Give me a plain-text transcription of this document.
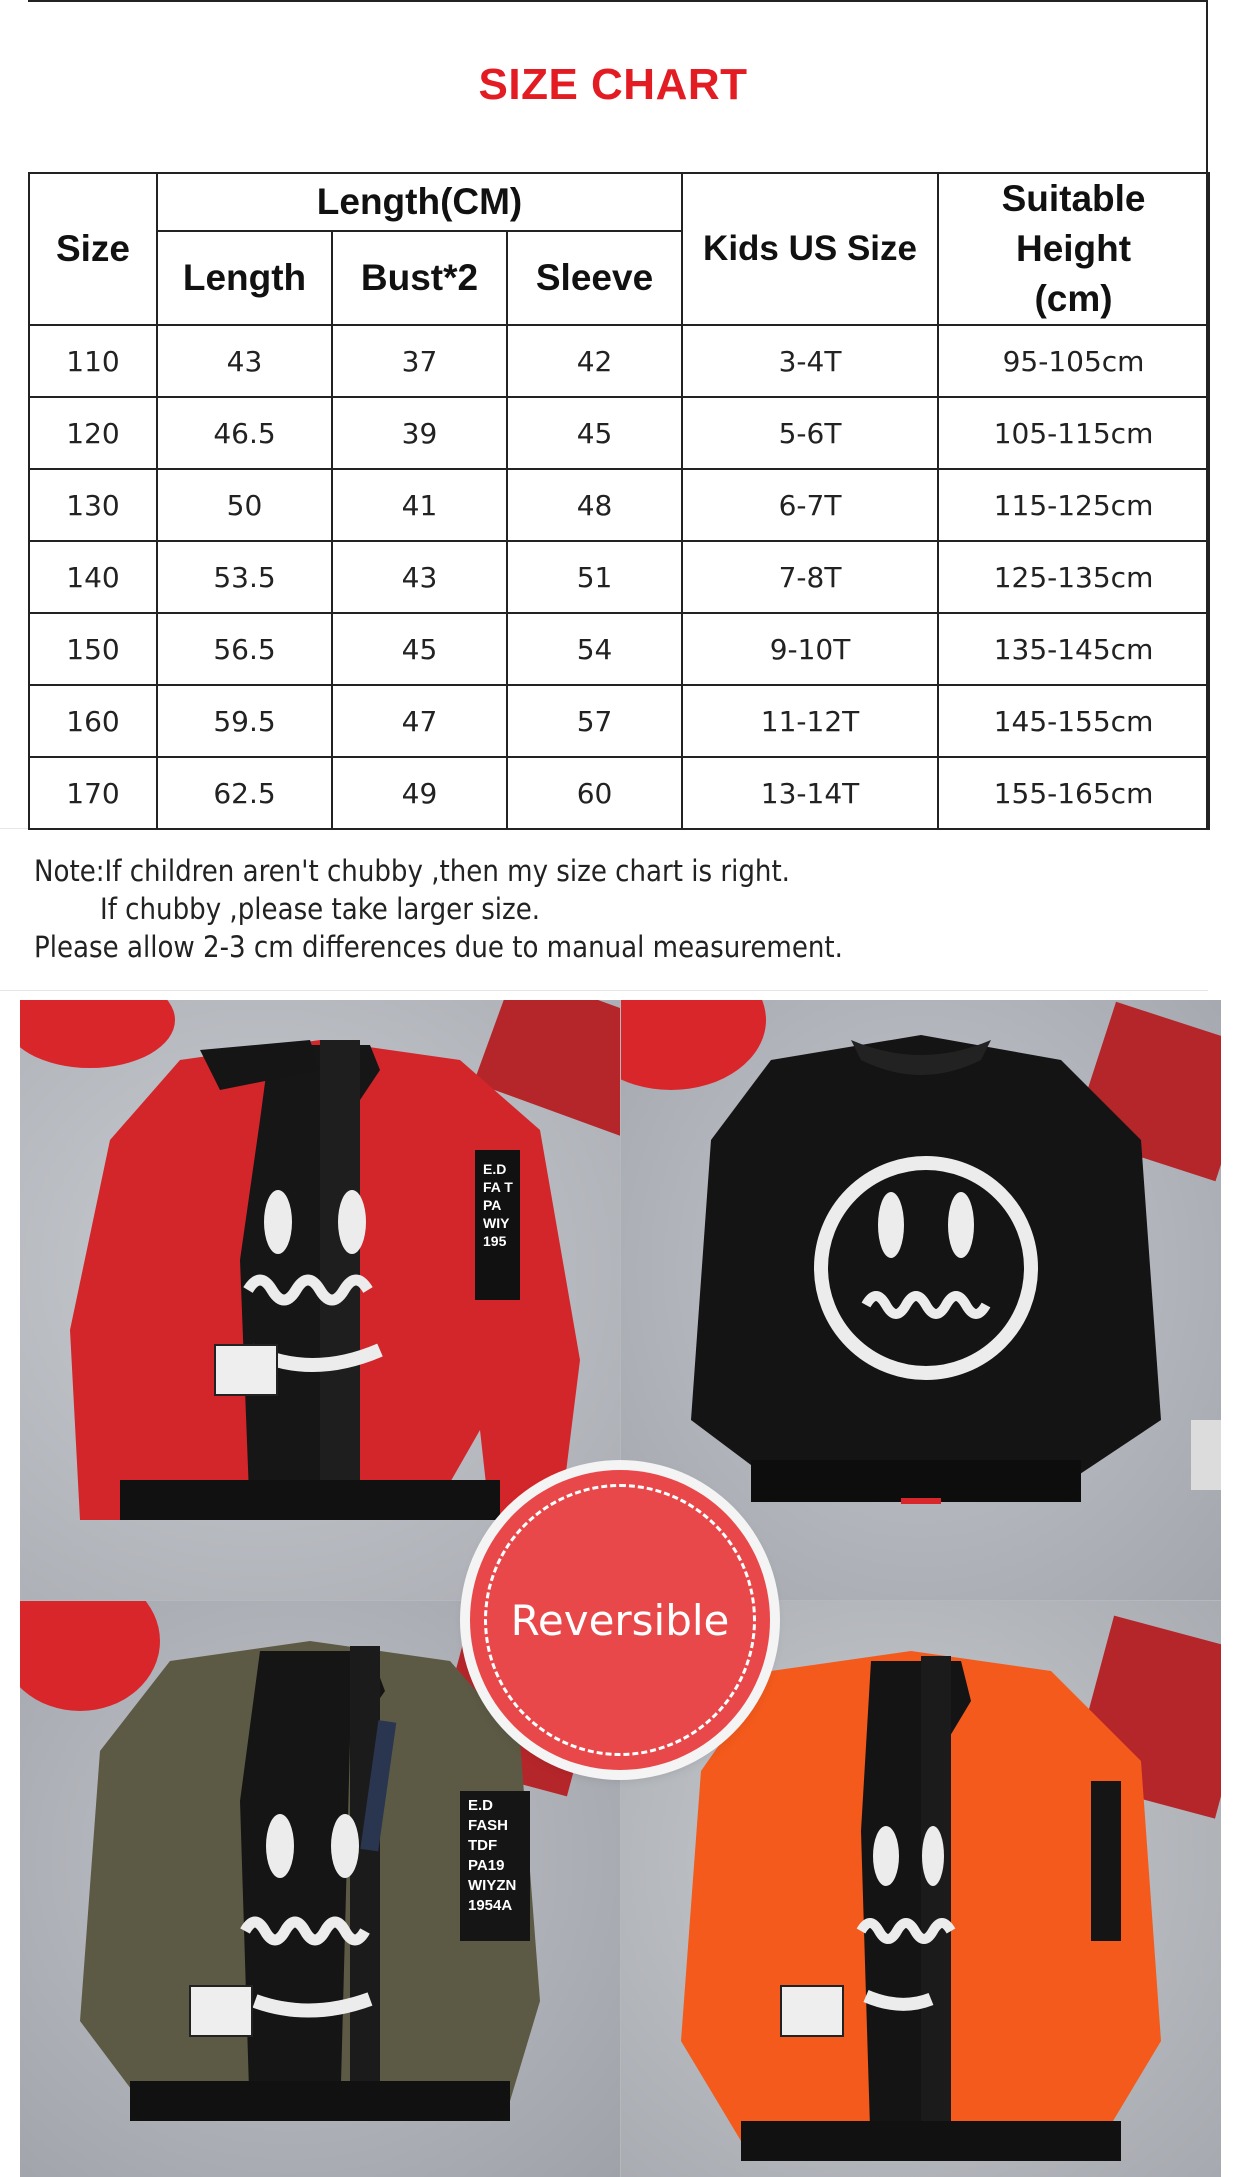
SIZE CHART
Size	Length(CM)			Kids US Size	Suitable Height (cm)
	Length	Bust*2	Sleeve		
110	43	37	42	3-4T	95-105cm
120	46.5	39	45	5-6T	105-115cm
130	50	41	48	6-7T	115-125cm
140	53.5	43	51	7-8T	125-135cm
150	56.5	45	54	9-10T	135-145cm
160	59.5	47	57	11-12T	145-155cm
170	62.5	49	60	13-14T	155-165cm

Note:If children aren't chubby ,then my size chart is right.

If chubby ,please take larger size.

Please allow 2-3 cm differences due to manual measurement.

E.D FA T PA WIY 195
E.D FASH TDF PA19 WIYZN 1954A
Reversible
